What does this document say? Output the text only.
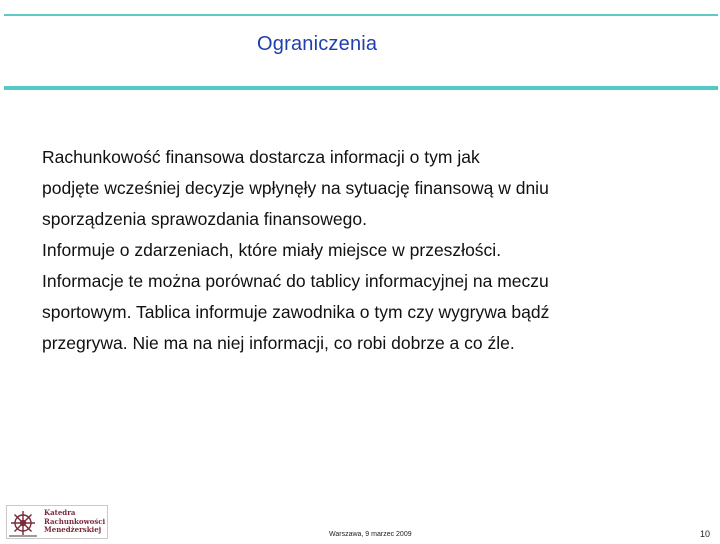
Ograniczenia
Rachunkowość finansowa dostarcza informacji o tym jak
podjęte wcześniej decyzje wpłynęły na sytuację finansową w dniu
sporządzenia sprawozdania finansowego.
Informuje o zdarzeniach, które miały miejsce w przeszłości.
Informacje te można porównać do tablicy informacyjnej na meczu
sportowym. Tablica informuje zawodnika o tym czy wygrywa bądź
przegrywa. Nie ma na niej informacji, co robi dobrze a co źle.
Katedra
Rachunkowości
Menedżerskiej
Warszawa, 9 marzec 2009	10
